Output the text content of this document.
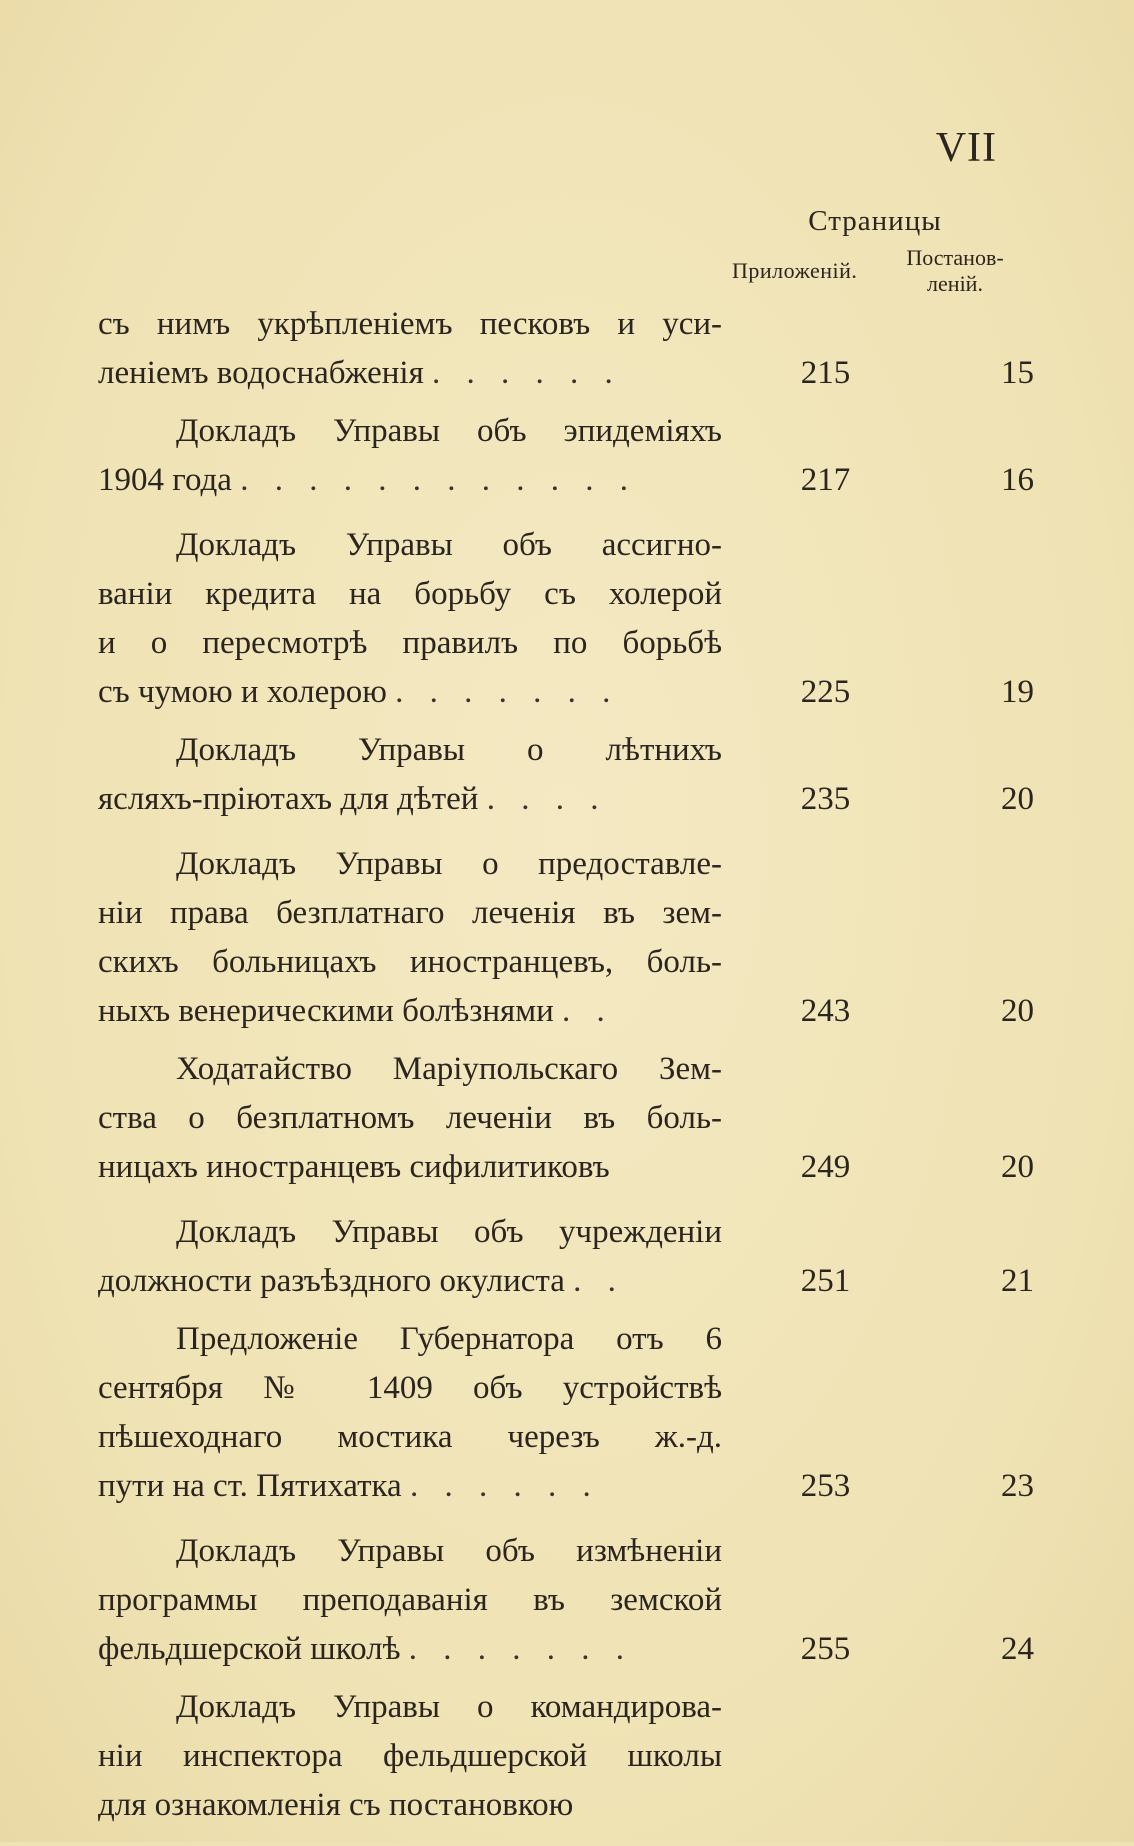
VII
Страницы
Приложеній.
Постанов-
леній.
съ нимъ укрѣпленіемъ песковъ и уси-
леніемъ водоснабженія . . . . . .	215	15
Докладъ Управы объ эпидеміяхъ
1904 года . . . . . . . . . . . .	217	16
Докладъ Управы объ ассигно-
ваніи кредита на борьбу съ холерой
и о пересмотрѣ правилъ по борьбѣ
съ чумою и холерою . . . . . . .	225	19
Докладъ Управы о лѣтнихъ
ясляхъ-пріютахъ для дѣтей . . . .	235	20
Докладъ Управы о предоставле-
ніи права безплатнаго леченія въ зем-
скихъ больницахъ иностранцевъ, боль-
ныхъ венерическими болѣзнями . .	243	20
Ходатайство Маріупольскаго Зем-
ства о безплатномъ леченіи въ боль-
ницахъ иностранцевъ сифилитиковъ	249	20
Докладъ Управы объ учрежденіи
должности разъѣздного окулиста . .	251	21
Предложеніе Губернатора отъ 6
сентября № 1409 объ устройствѣ
пѣшеходнаго мостика черезъ ж.-д.
пути на ст. Пятихатка . . . . . .	253	23
Докладъ Управы объ измѣненіи
программы преподаванія въ земской
фельдшерской школѣ . . . . . . .	255	24
Докладъ Управы о командирова-
ніи инспектора фельдшерской школы
для ознакомленія съ постановкою
